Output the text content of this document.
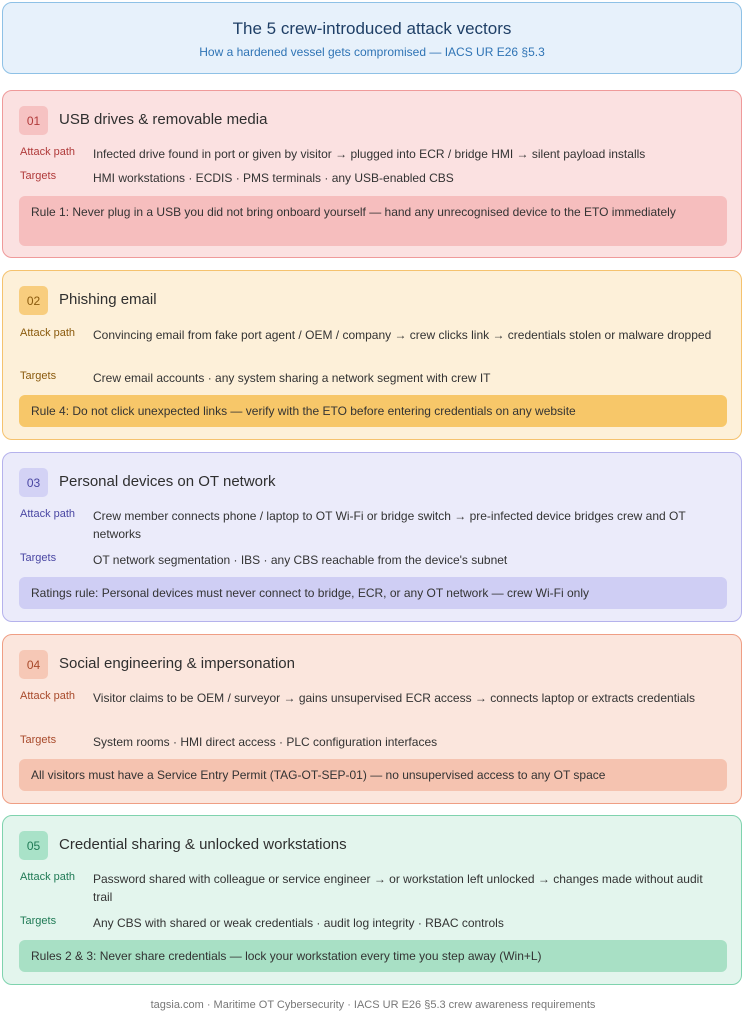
The 5 crew-introduced attack vectors
How a hardened vessel gets compromised — IACS UR E26 §5.3
01	USB drives & removable media
Attack path Infected drive found in port or given by visitor → plugged into ECR / bridge HMI → silent payload installs
Targets	HMI workstations · ECDIS · PMS terminals · any USB-enabled CBS
Rule 1: Never plug in a USB you did not bring onboard yourself — hand any unrecognised device to the ETO immediately
02	Phishing email
Attack path Convincing email from fake port agent / OEM / company → crew clicks link → credentials stolen or malware dropped
Targets	Crew email accounts · any system sharing a network segment with crew IT
Rule 4: Do not click unexpected links — verify with the ETO before entering credentials on any website
03	Personal devices on OT network
Attack path Crew member connects phone / laptop to OT Wi-Fi or bridge switch → pre-infected device bridges crew and OT networks
Targets	OT network segmentation · IBS · any CBS reachable from the device's subnet
Ratings rule: Personal devices must never connect to bridge, ECR, or any OT network — crew Wi-Fi only
04	Social engineering & impersonation
Attack path Visitor claims to be OEM / surveyor → gains unsupervised ECR access → connects laptop or extracts credentials
Targets	System rooms · HMI direct access · PLC configuration interfaces
All visitors must have a Service Entry Permit (TAG-OT-SEP-01) — no unsupervised access to any OT space
05	Credential sharing & unlocked workstations
Attack path Password shared with colleague or service engineer → or workstation left unlocked → changes made without audit trail
Targets	Any CBS with shared or weak credentials · audit log integrity · RBAC controls
Rules 2 & 3: Never share credentials — lock your workstation every time you step away (Win+L)
tagsia.com · Maritime OT Cybersecurity · IACS UR E26 §5.3 crew awareness requirements
